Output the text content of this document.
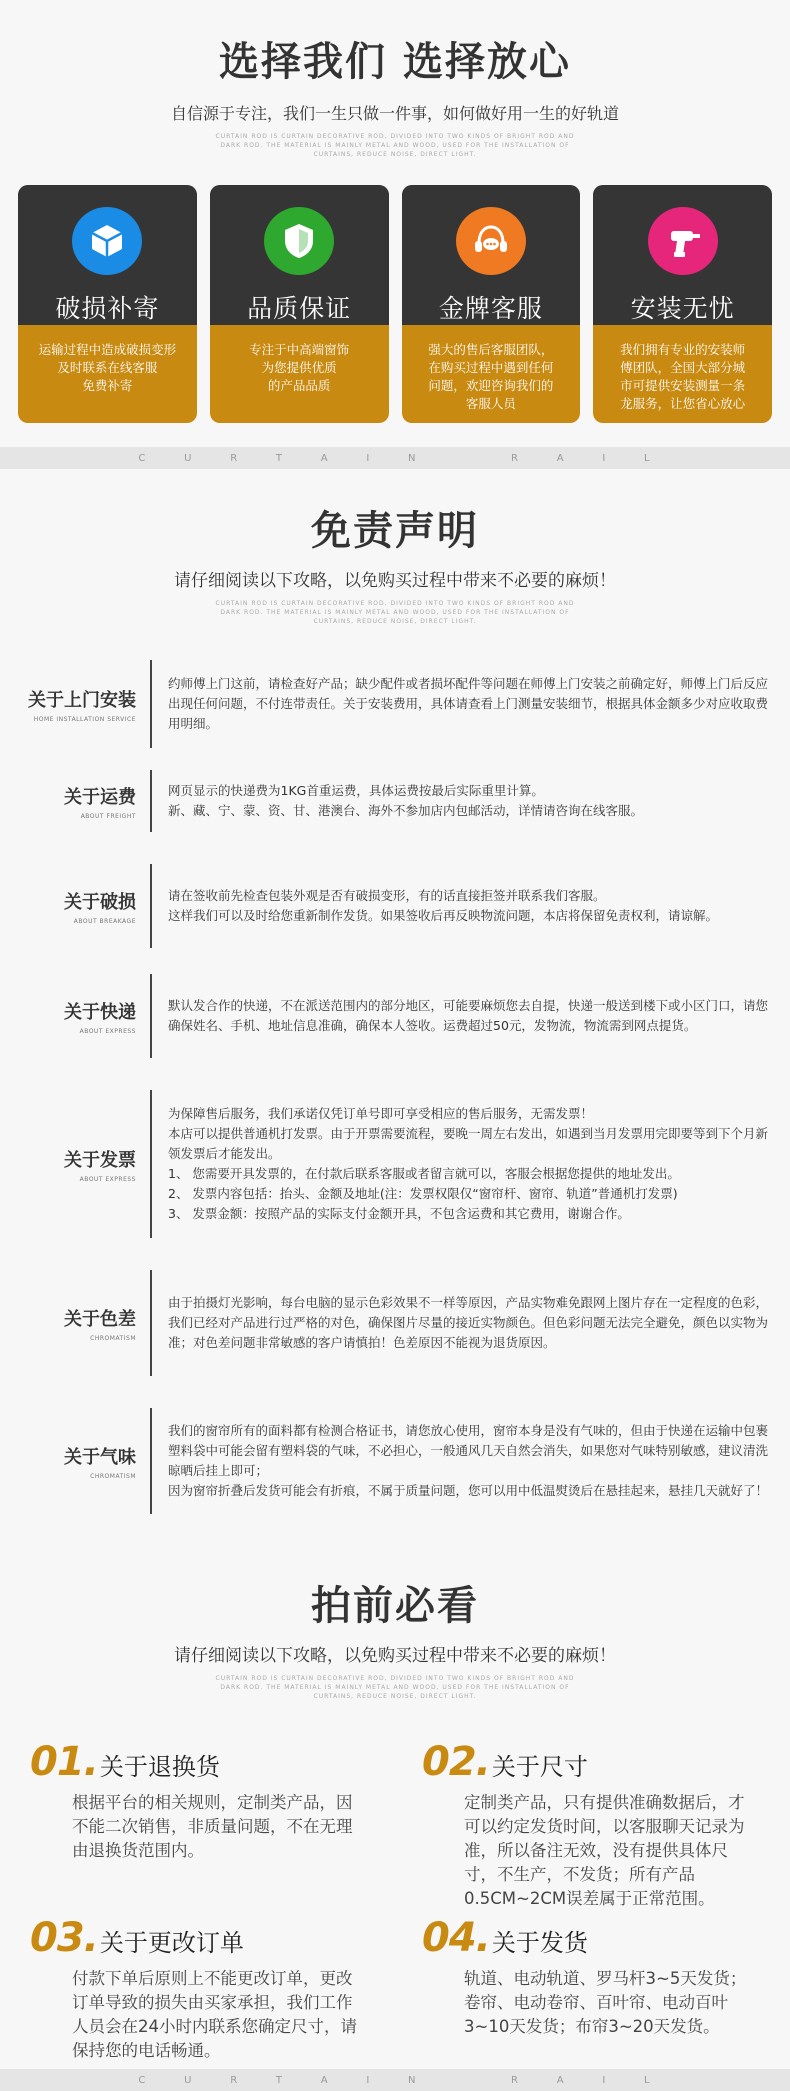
选择我们 选择放心
自信源于专注，我们一生只做一件事，如何做好用一生的好轨道
CURTAIN ROD IS CURTAIN DECORATIVE ROD, DIVIDED INTO TWO KINDS OF BRIGHT ROD AND DARK ROD. THE MATERIAL IS MAINLY METAL AND WOOD, USED FOR THE INSTALLATION OF CURTAINS, REDUCE NOISE, DIRECT LIGHT.
破损补寄
运输过程中造成破损变形
及时联系在线客服
免费补寄
品质保证
专注于中高端窗饰
为您提供优质
的产品品质
金牌客服
强大的售后客服团队，
在购买过程中遇到任何
问题，欢迎咨询我们的
客服人员
安装无忧
我们拥有专业的安装师
傅团队，全国大部分城
市可提供安装测量一条
龙服务，让您省心放心
C	U	R	T	A	I	N	R	A	I	L
免责声明
请仔细阅读以下攻略，以免购买过程中带来不必要的麻烦！
CURTAIN ROD IS CURTAIN DECORATIVE ROD, DIVIDED INTO TWO KINDS OF BRIGHT ROD AND DARK ROD. THE MATERIAL IS MAINLY METAL AND WOOD, USED FOR THE INSTALLATION OF CURTAINS, REDUCE NOISE, DIRECT LIGHT.
关于上门安装
HOME INSTALLATION SERVICE
约师傅上门这前，请检查好产品；缺少配件或者损坏配件等问题在师傅上门安装之前确定好，师傅上门后反应出现任何问题，不付连带责任。关于安装费用，具体请查看上门测量安装细节，根据具体金额多少对应收取费用明细。
关于运费
ABOUT FREIGHT
网页显示的快递费为1KG首重运费，具体运费按最后实际重里计算。
新、藏、宁、蒙、资、甘、港澳台、海外不参加店内包邮活动，详情请咨询在线客服。
关于破损
ABOUT BREAKAGE
请在签收前先检查包装外观是否有破损变形，有的话直接拒签并联系我们客服。
这样我们可以及时给您重新制作发货。如果签收后再反映物流问题，本店将保留免责权利，请谅解。
关于快递
ABOUT EXPRESS
默认发合作的快递，不在派送范围内的部分地区，可能要麻烦您去自提，快递一般送到楼下或小区门口，请您确保姓名、手机、地址信息准确，确保本人签收。运费超过50元，发物流，物流需到网点提货。
关于发票
ABOUT EXPRESS
为保障售后服务，我们承诺仅凭订单号即可享受相应的售后服务，无需发票！
本店可以提供普通机打发票。由于开票需要流程，要晚一周左右发出，如遇到当月发票用完即要等到下个月新领发票后才能发出。
1、 您需要开具发票的，在付款后联系客服或者留言就可以，客服会根据您提供的地址发出。
2、 发票内容包括：抬头、金额及地址(注：发票权限仅“窗帘杆、窗帘、轨道”普通机打发票)
3、 发票金额：按照产品的实际支付金额开具，不包含运费和其它费用，谢谢合作。
关于色差
CHROMATISM
由于拍摄灯光影响，每台电脑的显示色彩效果不一样等原因，产品实物难免跟网上图片存在一定程度的色彩，我们已经对产品进行过严格的对色，确保图片尽量的接近实物颜色。但色彩问题无法完全避免，颜色以实物为准；对色差问题非常敏感的客户请慎拍！色差原因不能视为退货原因。
关于气味
CHROMATISM
我们的窗帘所有的面料都有检测合格证书，请您放心使用，窗帘本身是没有气味的，但由于快递在运输中包裹塑料袋中可能会留有塑料袋的气味，不必担心，一般通风几天自然会消失，如果您对气味特别敏感，建议清洗晾晒后挂上即可；
因为窗帘折叠后发货可能会有折痕，不属于质量问题，您可以用中低温熨烫后在悬挂起来，悬挂几天就好了！
拍前必看
请仔细阅读以下攻略，以免购买过程中带来不必要的麻烦！
CURTAIN ROD IS CURTAIN DECORATIVE ROD, DIVIDED INTO TWO KINDS OF BRIGHT ROD AND DARK ROD. THE MATERIAL IS MAINLY METAL AND WOOD, USED FOR THE INSTALLATION OF CURTAINS, REDUCE NOISE, DIRECT LIGHT.
01. 关于退换货
根据平台的相关规则，定制类产品，因不能二次销售，非质量问题，不在无理由退换货范围内。
02. 关于尺寸
定制类产品，只有提供准确数据后，才可以约定发货时间，以客服聊天记录为准，所以备注无效，没有提供具体尺寸，不生产，不发货；所有产品0.5CM~2CM误差属于正常范围。
03. 关于更改订单
付款下单后原则上不能更改订单，更改订单导致的损失由买家承担，我们工作人员会在24小时内联系您确定尺寸，请保持您的电话畅通。
04. 关于发货
轨道、电动轨道、罗马杆3~5天发货；卷帘、电动卷帘、百叶帘、电动百叶3~10天发货；布帘3~20天发货。
C	U	R	T	A	I	N	R	A	I	L
